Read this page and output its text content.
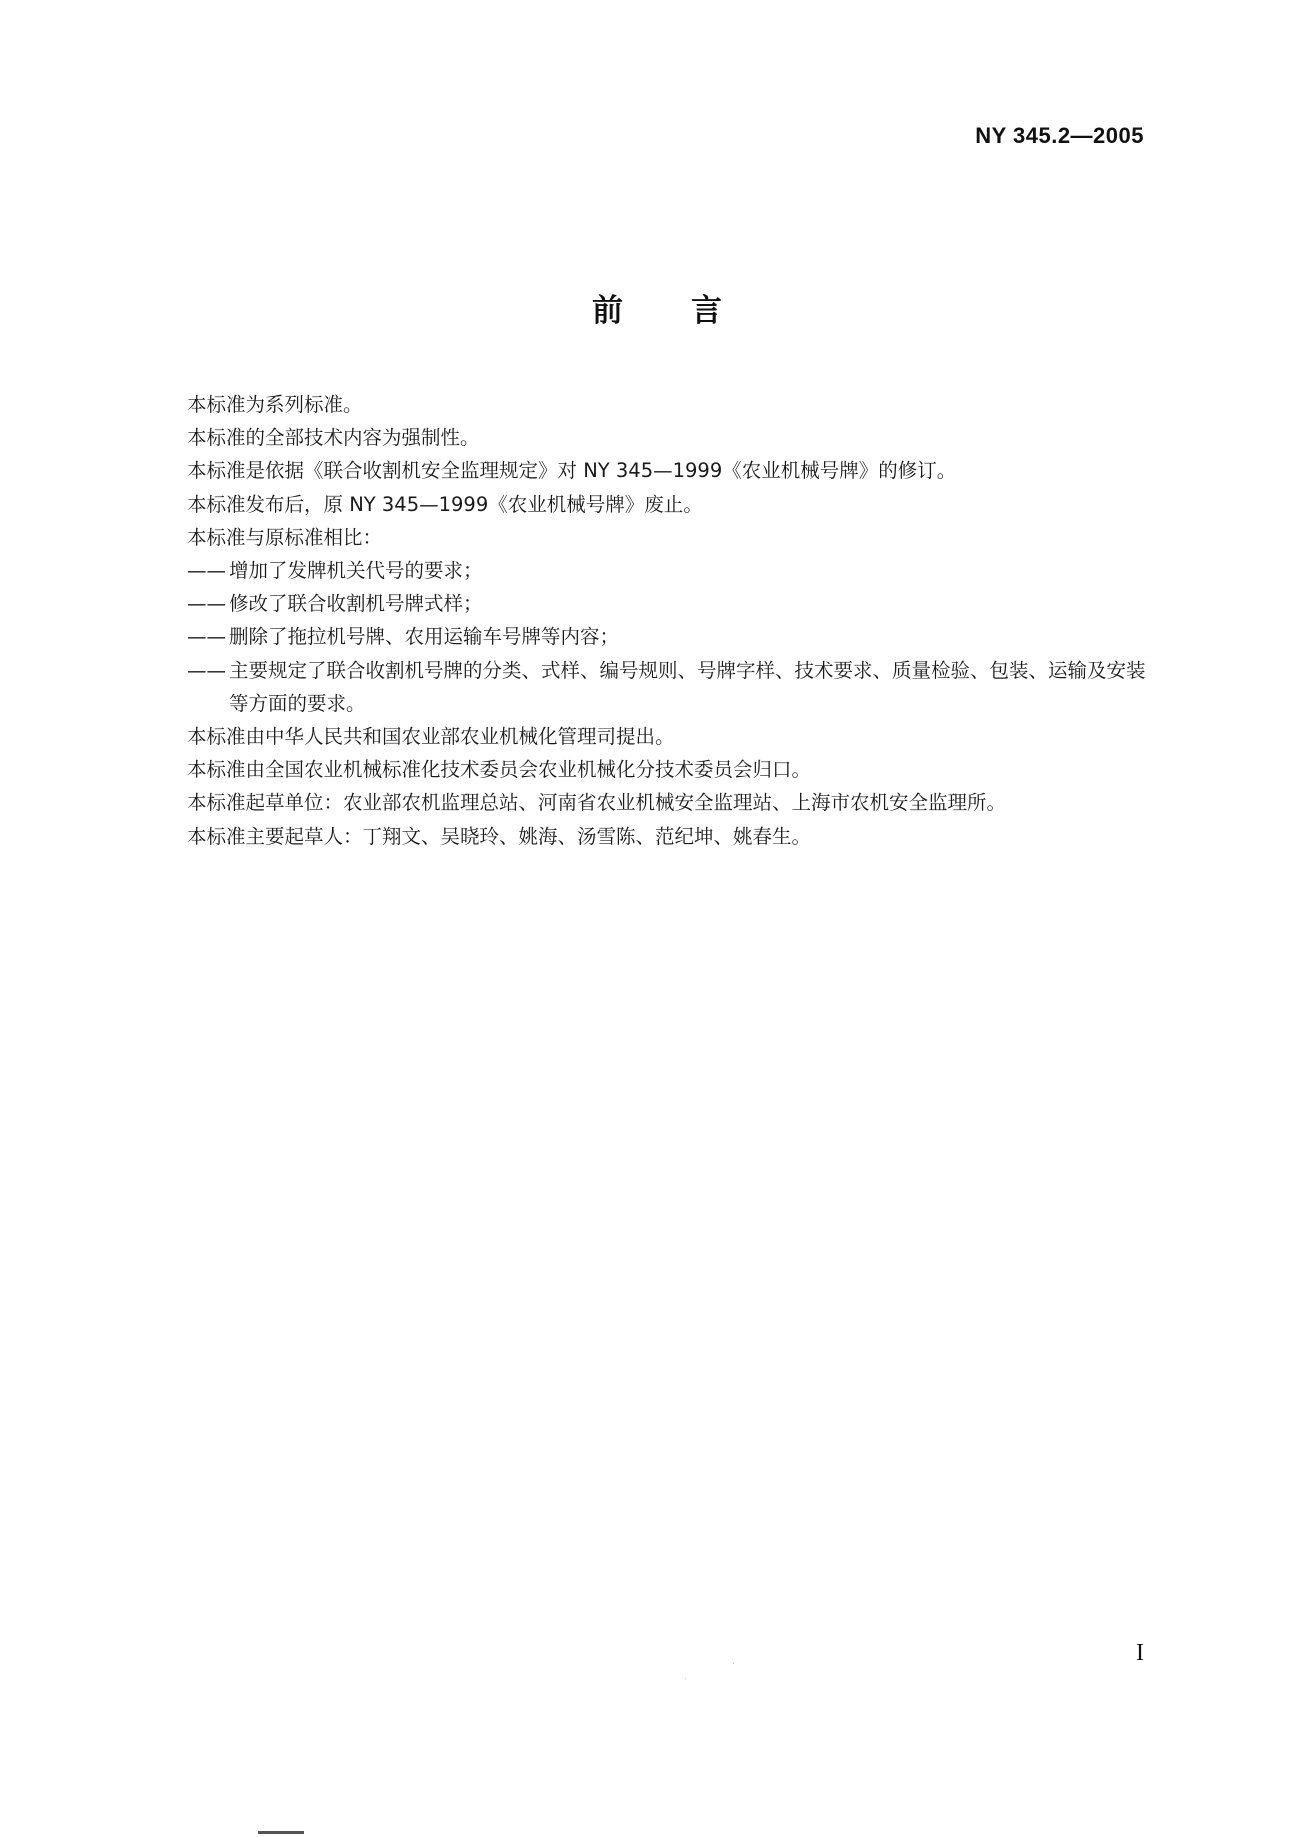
NY 345.2—2005
前言

本标准为系列标准。

本标准的全部技术内容为强制性。

本标准是依据《联合收割机安全监理规定》对 NY 345—1999《农业机械号牌》的修订。

本标准发布后，原 NY 345—1999《农业机械号牌》废止。

本标准与原标准相比：

—— 增加了发牌机关代号的要求；

—— 修改了联合收割机号牌式样；

—— 删除了拖拉机号牌、农用运输车号牌等内容；

—— 主要规定了联合收割机号牌的分类、式样、编号规则、号牌字样、技术要求、质量检验、包装、运输及安装等方面的要求。

本标准由中华人民共和国农业部农业机械化管理司提出。

本标准由全国农业机械标准化技术委员会农业机械化分技术委员会归口。

本标准起草单位：农业部农机监理总站、河南省农业机械安全监理站、上海市农机安全监理所。

本标准主要起草人：丁翔文、吴晓玲、姚海、汤雪陈、范纪坤、姚春生。

I
